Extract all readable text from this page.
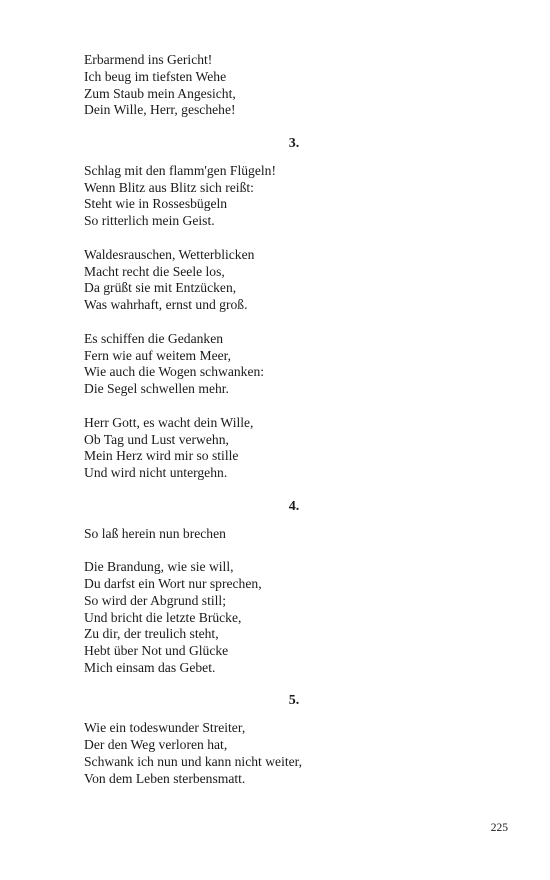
Erbarmend ins Gericht!
Ich beug im tiefsten Wehe
Zum Staub mein Angesicht,
Dein Wille, Herr, geschehe!
3.
Schlag mit den flamm'gen Flügeln!
Wenn Blitz aus Blitz sich reißt:
Steht wie in Rossesbügeln
So ritterlich mein Geist.
Waldesrauschen, Wetterblicken
Macht recht die Seele los,
Da grüßt sie mit Entzücken,
Was wahrhaft, ernst und groß.
Es schiffen die Gedanken
Fern wie auf weitem Meer,
Wie auch die Wogen schwanken:
Die Segel schwellen mehr.
Herr Gott, es wacht dein Wille,
Ob Tag und Lust verwehn,
Mein Herz wird mir so stille
Und wird nicht untergehn.
4.
So laß herein nun brechen
Die Brandung, wie sie will,
Du darfst ein Wort nur sprechen,
So wird der Abgrund still;
Und bricht die letzte Brücke,
Zu dir, der treulich steht,
Hebt über Not und Glücke
Mich einsam das Gebet.
5.
Wie ein todeswunder Streiter,
Der den Weg verloren hat,
Schwank ich nun und kann nicht weiter,
Von dem Leben sterbensmatt.
225
